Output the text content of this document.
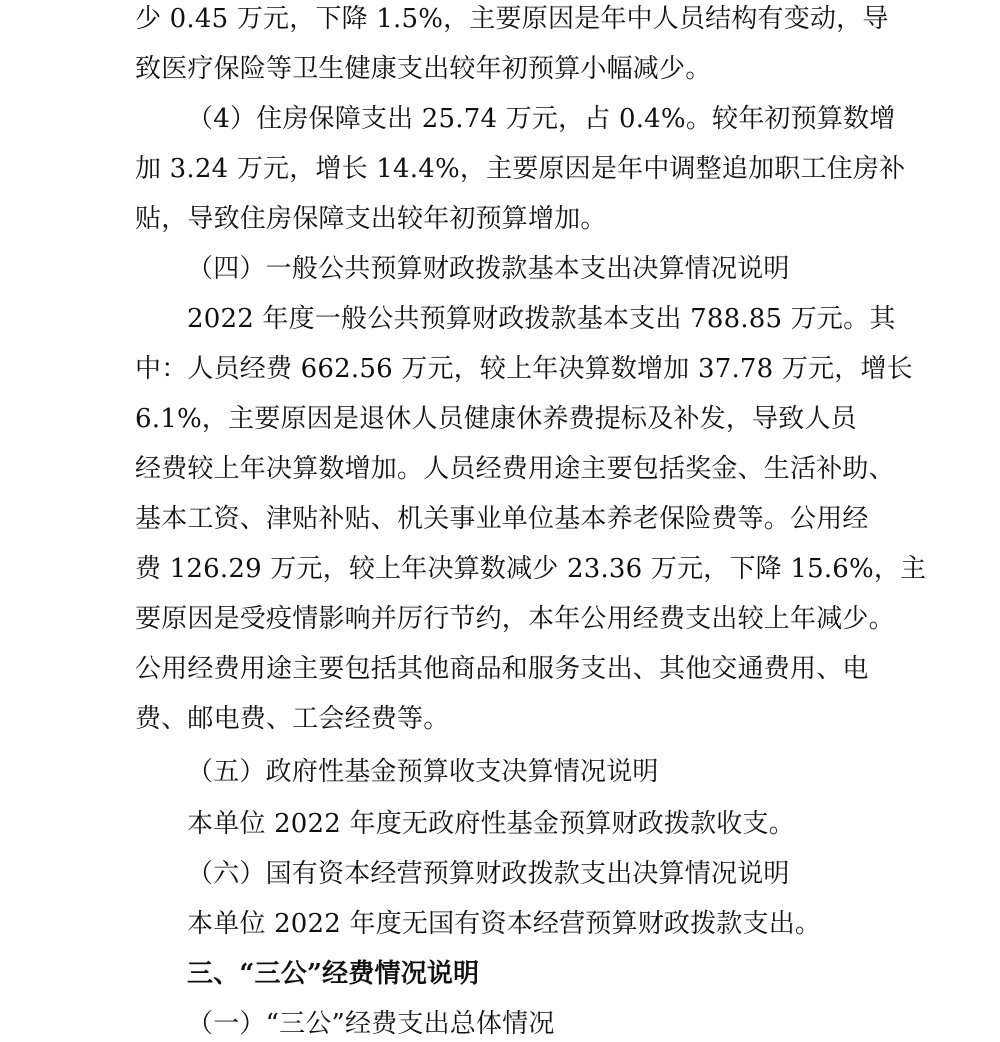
少 0.45 万元，下降 1.5%，主要原因是年中人员结构有变动，导
致医疗保险等卫生健康支出较年初预算小幅减少。
（4）住房保障支出 25.74 万元，占 0.4%。较年初预算数增
加 3.24 万元，增长 14.4%，主要原因是年中调整追加职工住房补
贴，导致住房保障支出较年初预算增加。
（四）一般公共预算财政拨款基本支出决算情况说明
2022 年度一般公共预算财政拨款基本支出 788.85 万元。其
中：人员经费 662.56 万元，较上年决算数增加 37.78 万元，增长
6.1%，主要原因是退休人员健康休养费提标及补发，导致人员
经费较上年决算数增加。人员经费用途主要包括奖金、生活补助、
基本工资、津贴补贴、机关事业单位基本养老保险费等。公用经
费 126.29 万元，较上年决算数减少 23.36 万元，下降 15.6%，主
要原因是受疫情影响并厉行节约，本年公用经费支出较上年减少。
公用经费用途主要包括其他商品和服务支出、其他交通费用、电
费、邮电费、工会经费等。
（五）政府性基金预算收支决算情况说明
本单位 2022 年度无政府性基金预算财政拨款收支。
（六）国有资本经营预算财政拨款支出决算情况说明
本单位 2022 年度无国有资本经营预算财政拨款支出。
三、“三公”经费情况说明
（一）“三公”经费支出总体情况
